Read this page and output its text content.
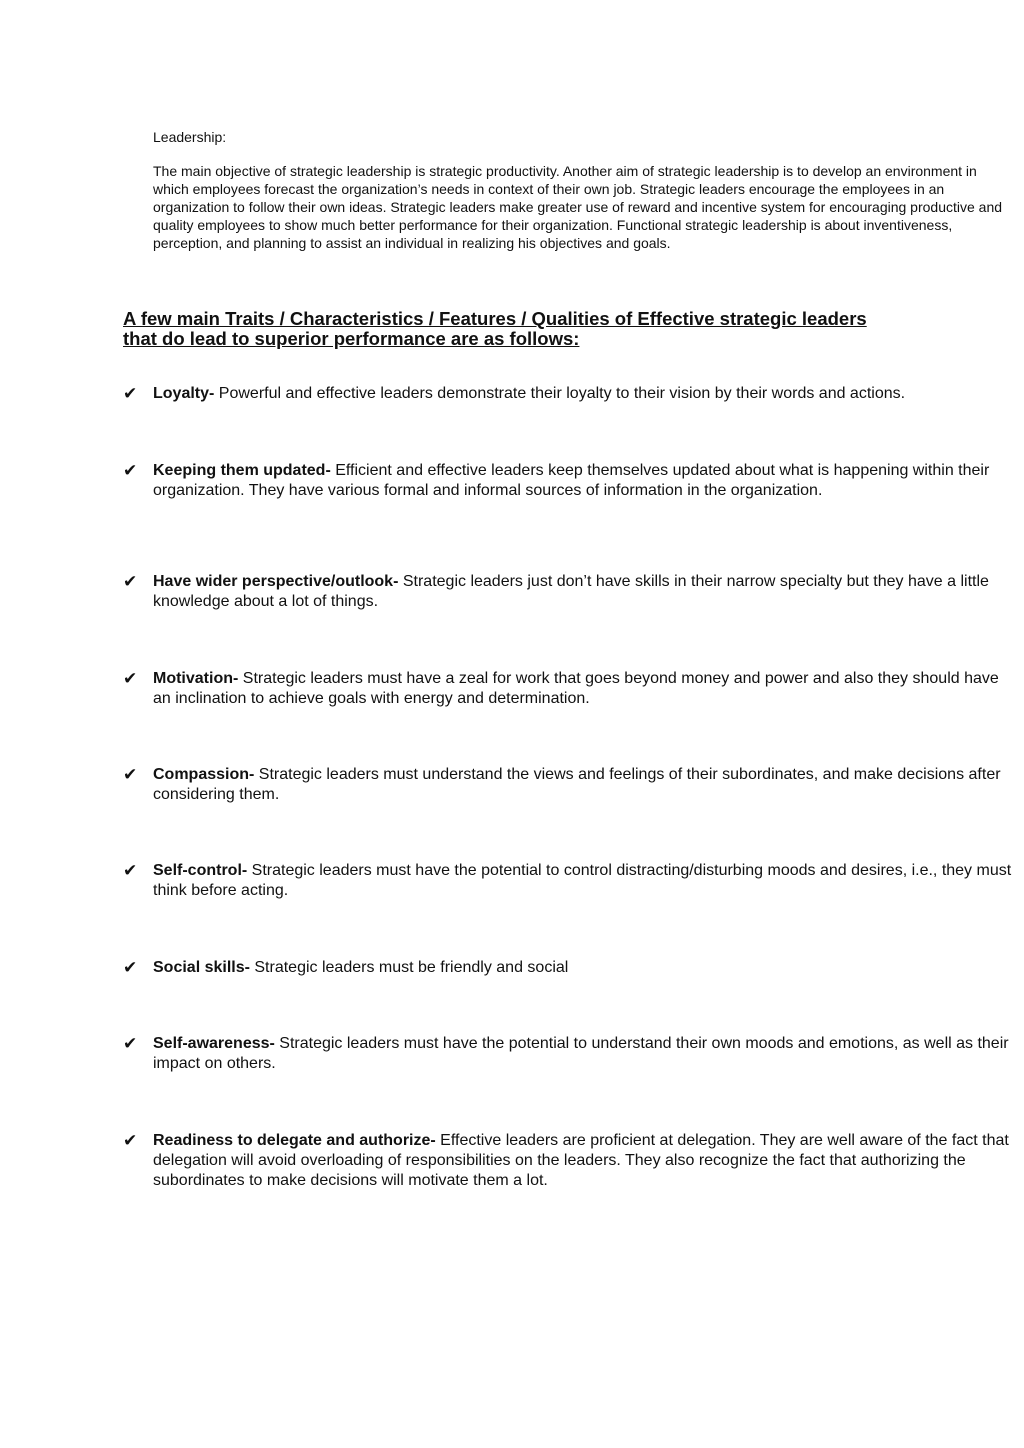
Leadership:

The main objective of strategic leadership is strategic productivity. Another aim of strategic leadership is to develop an environment in which employees forecast the organization’s needs in context of their own job. Strategic leaders encourage the employees in an organization to follow their own ideas. Strategic leaders make greater use of reward and incentive system for encouraging productive and quality employees to show much better performance for their organization. Functional strategic leadership is about inventiveness, perception, and planning to assist an individual in realizing his objectives and goals.

A few main Traits / Characteristics / Features / Qualities of Effective strategic leaders
that do lead to superior performance are as follows:
✔ Loyalty- Powerful and effective leaders demonstrate their loyalty to their vision by their words and actions.
✔ Keeping them updated- Efficient and effective leaders keep themselves updated about what is happening within their organization. They have various formal and informal sources of information in the organization.
✔ Have wider perspective/outlook- Strategic leaders just don’t have skills in their narrow specialty but they have a little knowledge about a lot of things.
✔ Motivation- Strategic leaders must have a zeal for work that goes beyond money and power and also they should have an inclination to achieve goals with energy and determination.
✔ Compassion- Strategic leaders must understand the views and feelings of their subordinates, and make decisions after considering them.
✔ Self-control- Strategic leaders must have the potential to control distracting/disturbing moods and desires, i.e., they must think before acting.
✔ Social skills- Strategic leaders must be friendly and social
✔ Self-awareness- Strategic leaders must have the potential to understand their own moods and emotions, as well as their impact on others.
✔ Readiness to delegate and authorize- Effective leaders are proficient at delegation. They are well aware of the fact that delegation will avoid overloading of responsibilities on the leaders. They also recognize the fact that authorizing the subordinates to make decisions will motivate them a lot.
